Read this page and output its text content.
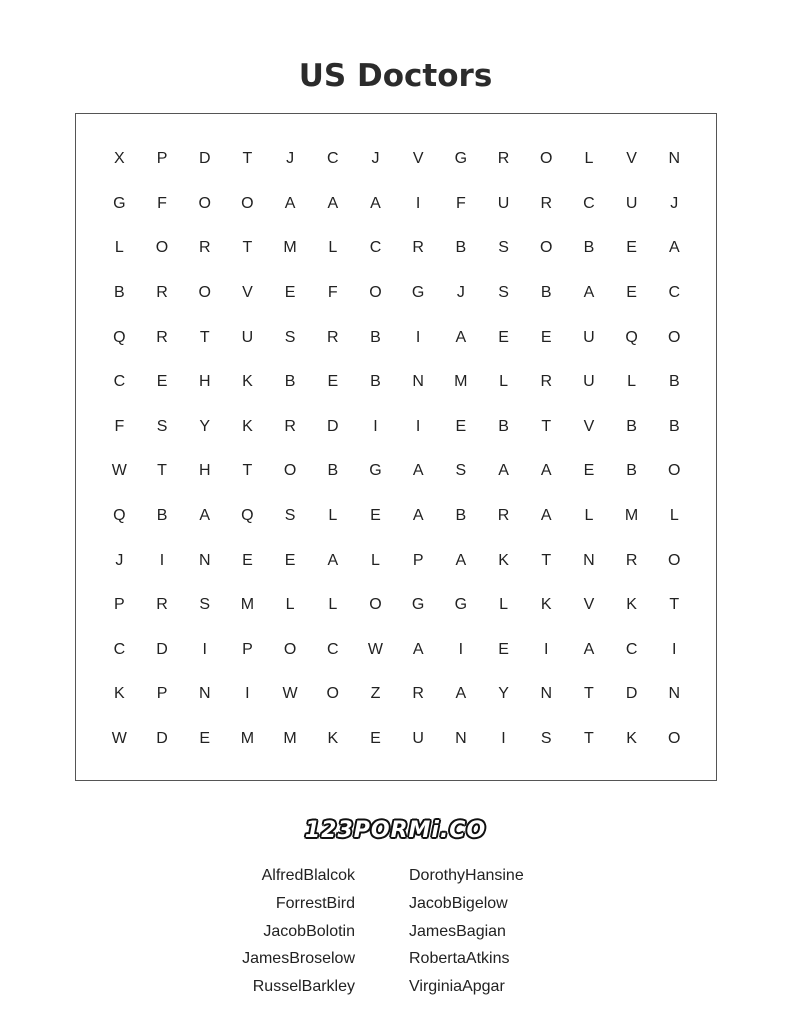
US Doctors
X	P	D	T	J	C	J	V	G	R	O	L	V	N
G	F	O	O	A	A	A	I	F	U	R	C	U	J
L	O	R	T	M	L	C	R	B	S	O	B	E	A
B	R	O	V	E	F	O	G	J	S	B	A	E	C
Q	R	T	U	S	R	B	I	A	E	E	U	Q	O
C	E	H	K	B	E	B	N	M	L	R	U	L	B
F	S	Y	K	R	D	I	I	E	B	T	V	B	B
W	T	H	T	O	B	G	A	S	A	A	E	B	O
Q	B	A	Q	S	L	E	A	B	R	A	L	M	L
J	I	N	E	E	A	L	P	A	K	T	N	R	O
P	R	S	M	L	L	O	G	G	L	K	V	K	T
C	D	I	P	O	C	W	A	I	E	I	A	C	I
K	P	N	I	W	O	Z	R	A	Y	N	T	D	N
W	D	E	M	M	K	E	U	N	I	S	T	K	O
123PORMi.CO
AlfredBlalcok
ForrestBird
JacobBolotin
JamesBroselow
RusselBarkley
DorothyHansine
JacobBigelow
JamesBagian
RobertaAtkins
VirginiaApgar
